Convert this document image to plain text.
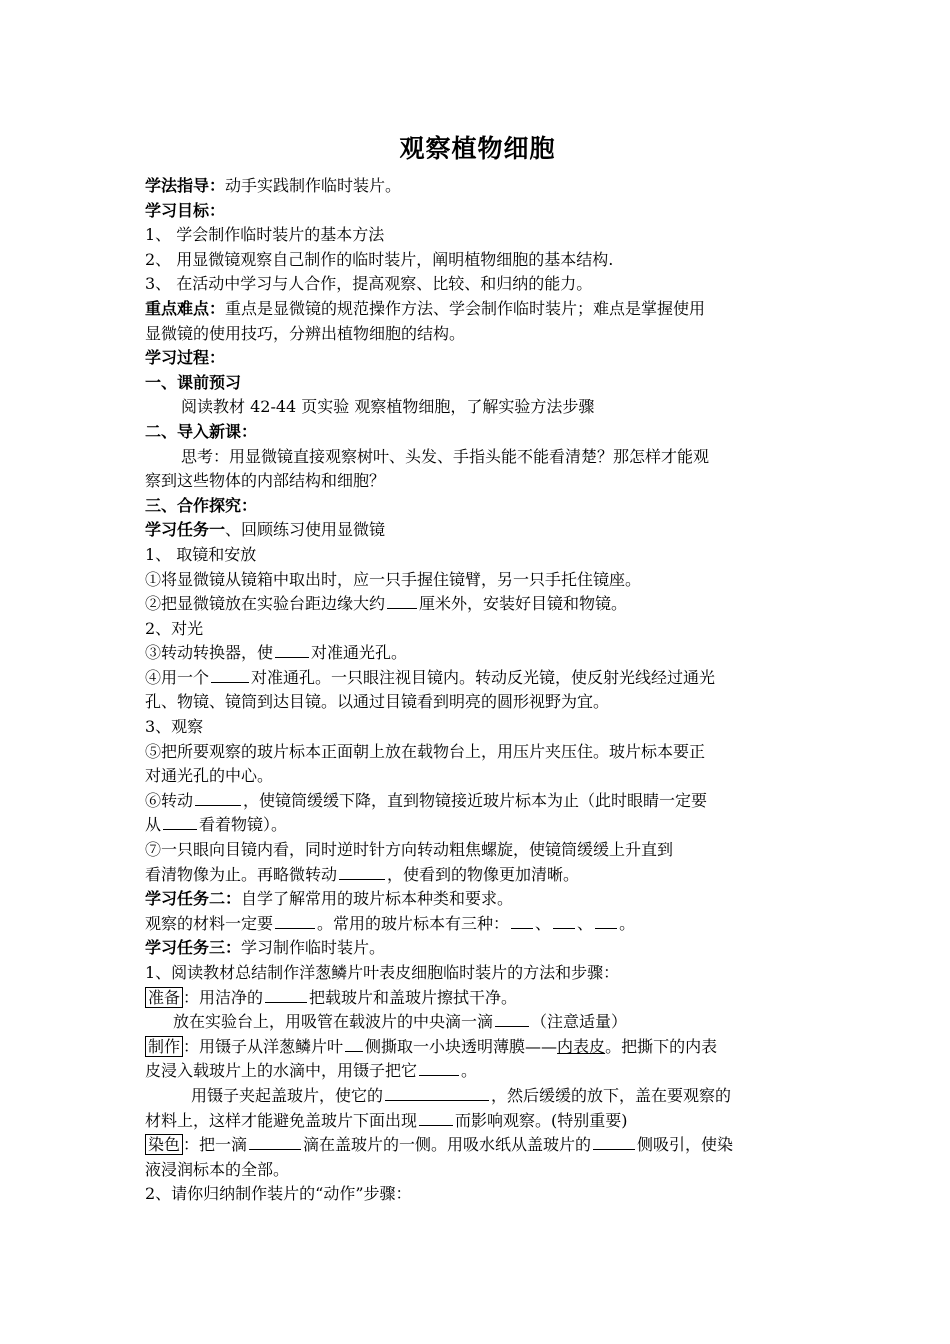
观察植物细胞
学法指导：动手实践制作临时装片。
学习目标：
1、 学会制作临时装片的基本方法
2、 用显微镜观察自己制作的临时装片，阐明植物细胞的基本结构.
3、 在活动中学习与人合作，提高观察、比较、和归纳的能力。
重点难点：重点是显微镜的规范操作方法、学会制作临时装片；难点是掌握使用
显微镜的使用技巧，分辨出植物细胞的结构。
学习过程：
一、课前预习
阅读教材 42-44 页实验 观察植物细胞，了解实验方法步骤
二、导入新课：
思考：用显微镜直接观察树叶、头发、手指头能不能看清楚？那怎样才能观
察到这些物体的内部结构和细胞？
三、合作探究：
学习任务一、回顾练习使用显微镜
1、 取镜和安放
①将显微镜从镜箱中取出时，应一只手握住镜臂，另一只手托住镜座。
②把显微镜放在实验台距边缘大约 厘米外，安装好目镜和物镜。
2、对光
③转动转换器，使 对准通光孔。
④用一个	对准通孔。一只眼注视目镜内。转动反光镜，使反射光线经过通光
孔、物镜、镜筒到达目镜。以通过目镜看到明亮的圆形视野为宜。
3、观察
⑤把所要观察的玻片标本正面朝上放在载物台上，用压片夹压住。玻片标本要正
对通光孔的中心。
⑥转动	，使镜筒缓缓下降，直到物镜接近玻片标本为止（此时眼睛一定要
从 看着物镜）。
⑦一只眼向目镜内看，同时逆时针方向转动粗焦螺旋，使镜筒缓缓上升直到
看清物像为止。再略微转动	，使看到的物像更加清晰。
学习任务二：自学了解常用的玻片标本种类和要求。
观察的材料一定要	。常用的玻片标本有三种： 、 、 。
学习任务三：学习制作临时装片。
1、阅读教材总结制作洋葱鳞片叶表皮细胞临时装片的方法和步骤：
准备 ：用洁净的	把载玻片和盖玻片擦拭干净。
放在实验台上，用吸管在载波片的中央滴一滴 （注意适量）
制作 ：用镊子从洋葱鳞片叶 侧撕取一小块透明薄膜——内表皮。把撕下的内表
皮浸入载玻片上的水滴中，用镊子把它	。
用镊子夹起盖玻片，使它的	，然后缓缓的放下，盖在要观察的
材料上，这样才能避免盖玻片下面出现 而影响观察。(特别重要)
染色 ：把一滴	滴在盖玻片的一侧。用吸水纸从盖玻片的	侧吸引，使染
液浸润标本的全部。
2、请你归纳制作装片的“动作”步骤：
